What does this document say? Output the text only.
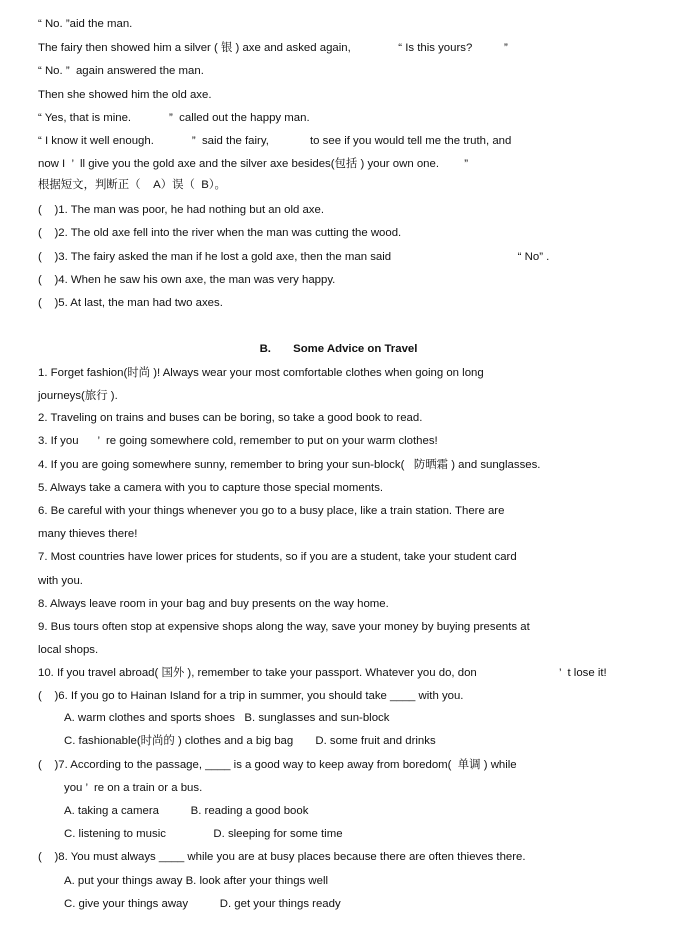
“ No. ”aid the man.
The fairy then showed him a silver ( 银 ) axe and asked again,               “ Is this yours?          ”
“ No. ”  again answered the man.
Then she showed him the old axe.
“ Yes, that is mine.            ”  called out the happy man.
“ I know it well enough.            ”  said the fairy,             to see if you would tell me the truth, and
now I  ’  ll give you the gold axe and the silver axe besides(包括 ) your own one.        ”
根据短文，判断正（    A）误（  B）。
(    )1. The man was poor, he had nothing but an old axe.
(    )2. The old axe fell into the river when the man was cutting the wood.
(    )3. The fairy asked the man if he lost a gold axe, then the man said                                        “ No” .
(    )4. When he saw his own axe, the man was very happy.
(    )5. At last, the man had two axes.
B.       Some Advice on Travel
1. Forget fashion(时尚 )! Always wear your most comfortable clothes when going on long
journeys(旅行 ).
2. Traveling on trains and buses can be boring, so take a good book to read.
3. If you      ’  re going somewhere cold, remember to put on your warm clothes!
4. If you are going somewhere sunny, remember to bring your sun-block(   防晒霜 ) and sunglasses.
5. Always take a camera with you to capture those special moments.
6. Be careful with your things whenever you go to a busy place, like a train station. There are
many thieves there!
7. Most countries have lower prices for students, so if you are a student, take your student card
with you.
8. Always leave room in your bag and buy presents on the way home.
9. Bus tours often stop at expensive shops along the way, save your money by buying presents at
local shops.
10. If you travel abroad( 国外 ), remember to take your passport. Whatever you do, don                          ’  t lose it!
(    )6. If you go to Hainan Island for a trip in summer, you should take ____ with you.
A. warm clothes and sports shoes   B. sunglasses and sun-block
C. fashionable(时尚的 ) clothes and a big bag       D. some fruit and drinks
(    )7. According to the passage, ____ is a good way to keep away from boredom(  单调 ) while
you ’  re on a train or a bus.
A. taking a camera          B. reading a good book
C. listening to music               D. sleeping for some time
(    )8. You must always ____ while you are at busy places because there are often thieves there.
A. put your things away B. look after your things well
C. give your things away          D. get your things ready
